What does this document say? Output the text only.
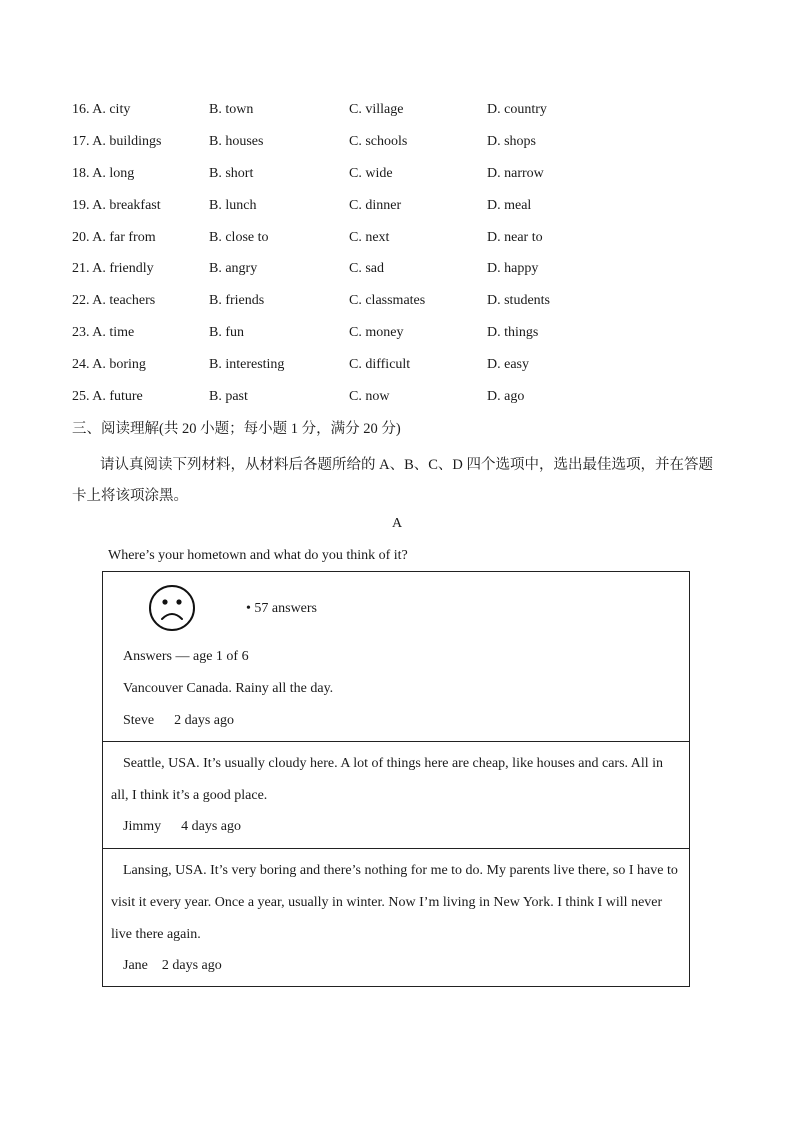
16. A. city	B. town	C. village	D. country
17. A. buildings	B. houses	C. schools	D. shops
18. A. long	B. short	C. wide	D. narrow
19. A. breakfast	B. lunch	C. dinner	D. meal
20. A. far from	B. close to	C. next	D. near to
21. A. friendly	B. angry	C. sad	D. happy
22. A. teachers	B. friends	C. classmates	D. students
23. A. time	B. fun	C. money	D. things
24. A. boring	B. interesting	C. difficult	D. easy
25. A. future	B. past	C. now	D. ago
三、阅读理解(共 20 小题；每小题 1 分，满分 20 分)
请认真阅读下列材料，从材料后各题所给的 A、B、C、D 四个选项中，选出最佳选项，并在答题卡上将该项涂黑。
A
Where’s your hometown and what do you think of it?
• 57 answers
Answers — age 1 of 6
Vancouver Canada. Rainy all the day.
Steve 2 days ago
Seattle, USA. It’s usually cloudy here. A lot of things here are cheap, like houses and cars. All in all, I think it’s a good place.
Jimmy 4 days ago
Lansing, USA. It’s very boring and there’s nothing for me to do. My parents live there, so I have to visit it every year. Once a year, usually in winter. Now I’m living in New York. I think I will never live there again.
Jane 2 days ago
